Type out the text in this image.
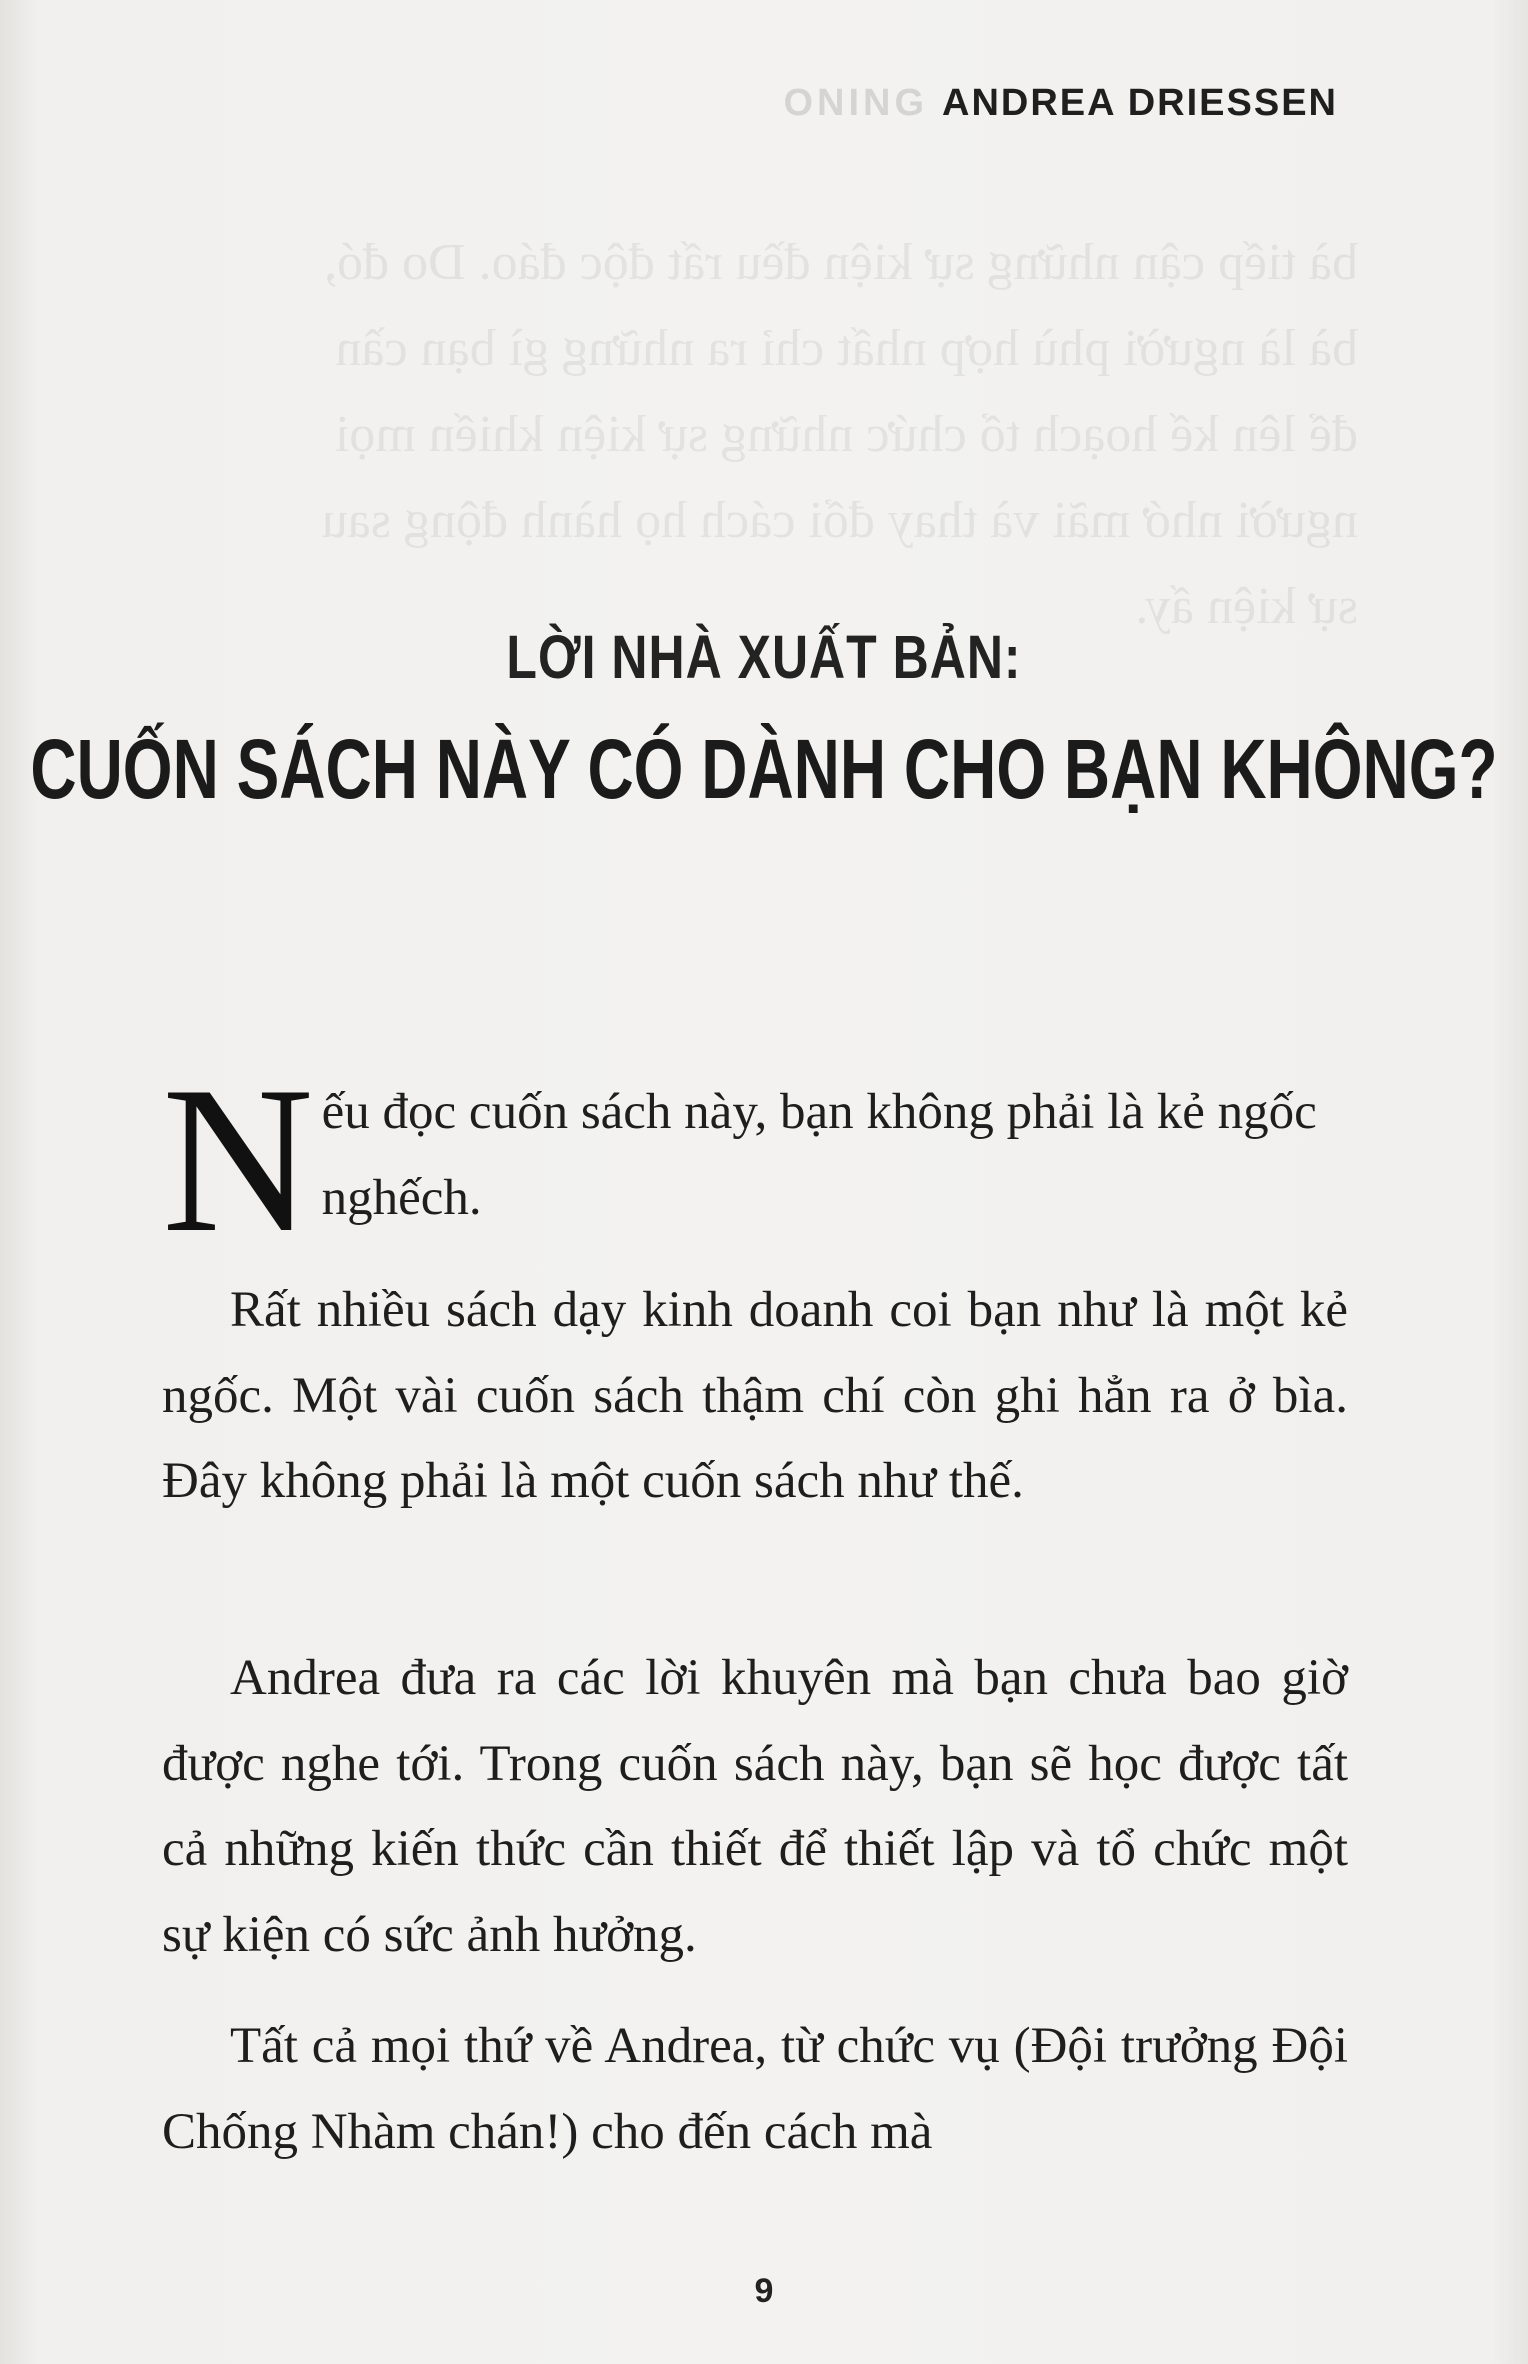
bà tiếp cận những sự kiện đều rất độc đáo. Do đó,
bà là người phù hợp nhất chỉ ra những gì bạn cần
để lên kế hoạch tổ chức những sự kiện khiến mọi
người nhớ mãi và thay đổi cách họ hành động sau
sự kiện ấy.
ONING ANDREA DRIESSEN
LỜI NHÀ XUẤT BẢN:
CUỐN SÁCH NÀY CÓ DÀNH CHO BẠN KHÔNG?
Nếu đọc cuốn sách này, bạn không phải là kẻ ngốc nghếch.

Rất nhiều sách dạy kinh doanh coi bạn như là một kẻ ngốc. Một vài cuốn sách thậm chí còn ghi hẳn ra ở bìa. Đây không phải là một cuốn sách như thế.

Andrea đưa ra các lời khuyên mà bạn chưa bao giờ được nghe tới. Trong cuốn sách này, bạn sẽ học được tất cả những kiến thức cần thiết để thiết lập và tổ chức một sự kiện có sức ảnh hưởng.

Tất cả mọi thứ về Andrea, từ chức vụ (Đội trưởng Đội Chống Nhàm chán!) cho đến cách mà

9
